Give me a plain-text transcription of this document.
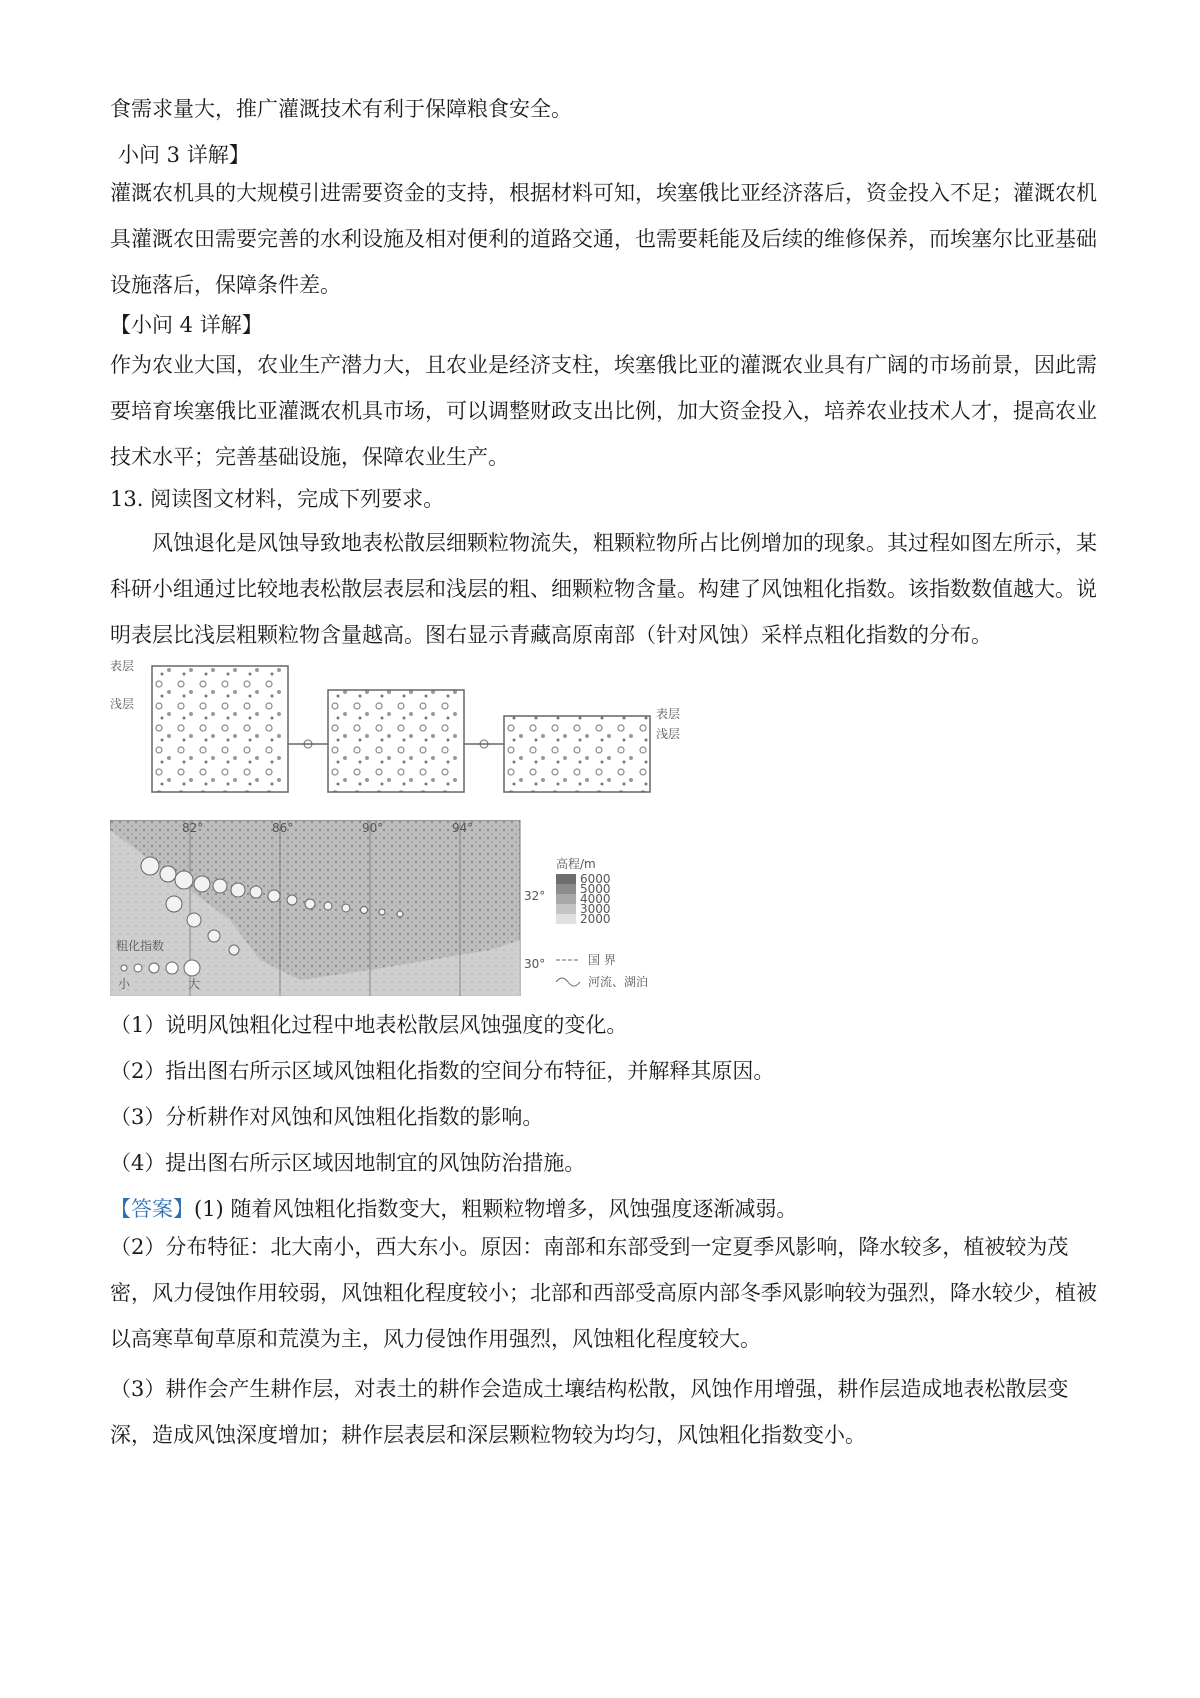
食需求量大，推广灌溉技术有利于保障粮食安全。
小问 3 详解】
灌溉农机具的大规模引进需要资金的支持，根据材料可知，埃塞俄比亚经济落后，资金投入不足；灌溉农机具灌溉农田需要完善的水利设施及相对便利的道路交通，也需要耗能及后续的维修保养，而埃塞尔比亚基础设施落后，保障条件差。
【小问 4 详解】
作为农业大国，农业生产潜力大，且农业是经济支柱，埃塞俄比亚的灌溉农业具有广阔的市场前景，因此需要培育埃塞俄比亚灌溉农机具市场，可以调整财政支出比例，加大资金投入，培养农业技术人才，提高农业技术水平；完善基础设施，保障农业生产。
13. 阅读图文材料，完成下列要求。
风蚀退化是风蚀导致地表松散层细颗粒物流失，粗颗粒物所占比例增加的现象。其过程如图左所示，某科研小组通过比较地表松散层表层和浅层的粗、细颗粒物含量。构建了风蚀粗化指数。该指数数值越大。说明表层比浅层粗颗粒物含量越高。图右显示青藏高原南部（针对风蚀）采样点粗化指数的分布。
表层
浅层
表层
浅层
82°	86°	90°	94°
32°
30°
粗化指数
小	大
高程/m
6000
5000
4000
3000
2000
国 界
河流、湖泊
（1）说明风蚀粗化过程中地表松散层风蚀强度的变化。
（2）指出图右所示区域风蚀粗化指数的空间分布特征，并解释其原因。
（3）分析耕作对风蚀和风蚀粗化指数的影响。
（4）提出图右所示区域因地制宜的风蚀防治措施。
【答案】(1) 随着风蚀粗化指数变大，粗颗粒物增多，风蚀强度逐渐减弱。
（2）分布特征：北大南小，西大东小。原因：南部和东部受到一定夏季风影响，降水较多，植被较为茂密，风力侵蚀作用较弱，风蚀粗化程度较小；北部和西部受高原内部冬季风影响较为强烈，降水较少，植被以高寒草甸草原和荒漠为主，风力侵蚀作用强烈，风蚀粗化程度较大。
（3）耕作会产生耕作层，对表土的耕作会造成土壤结构松散，风蚀作用增强，耕作层造成地表松散层变深，造成风蚀深度增加；耕作层表层和深层颗粒物较为均匀，风蚀粗化指数变小。
